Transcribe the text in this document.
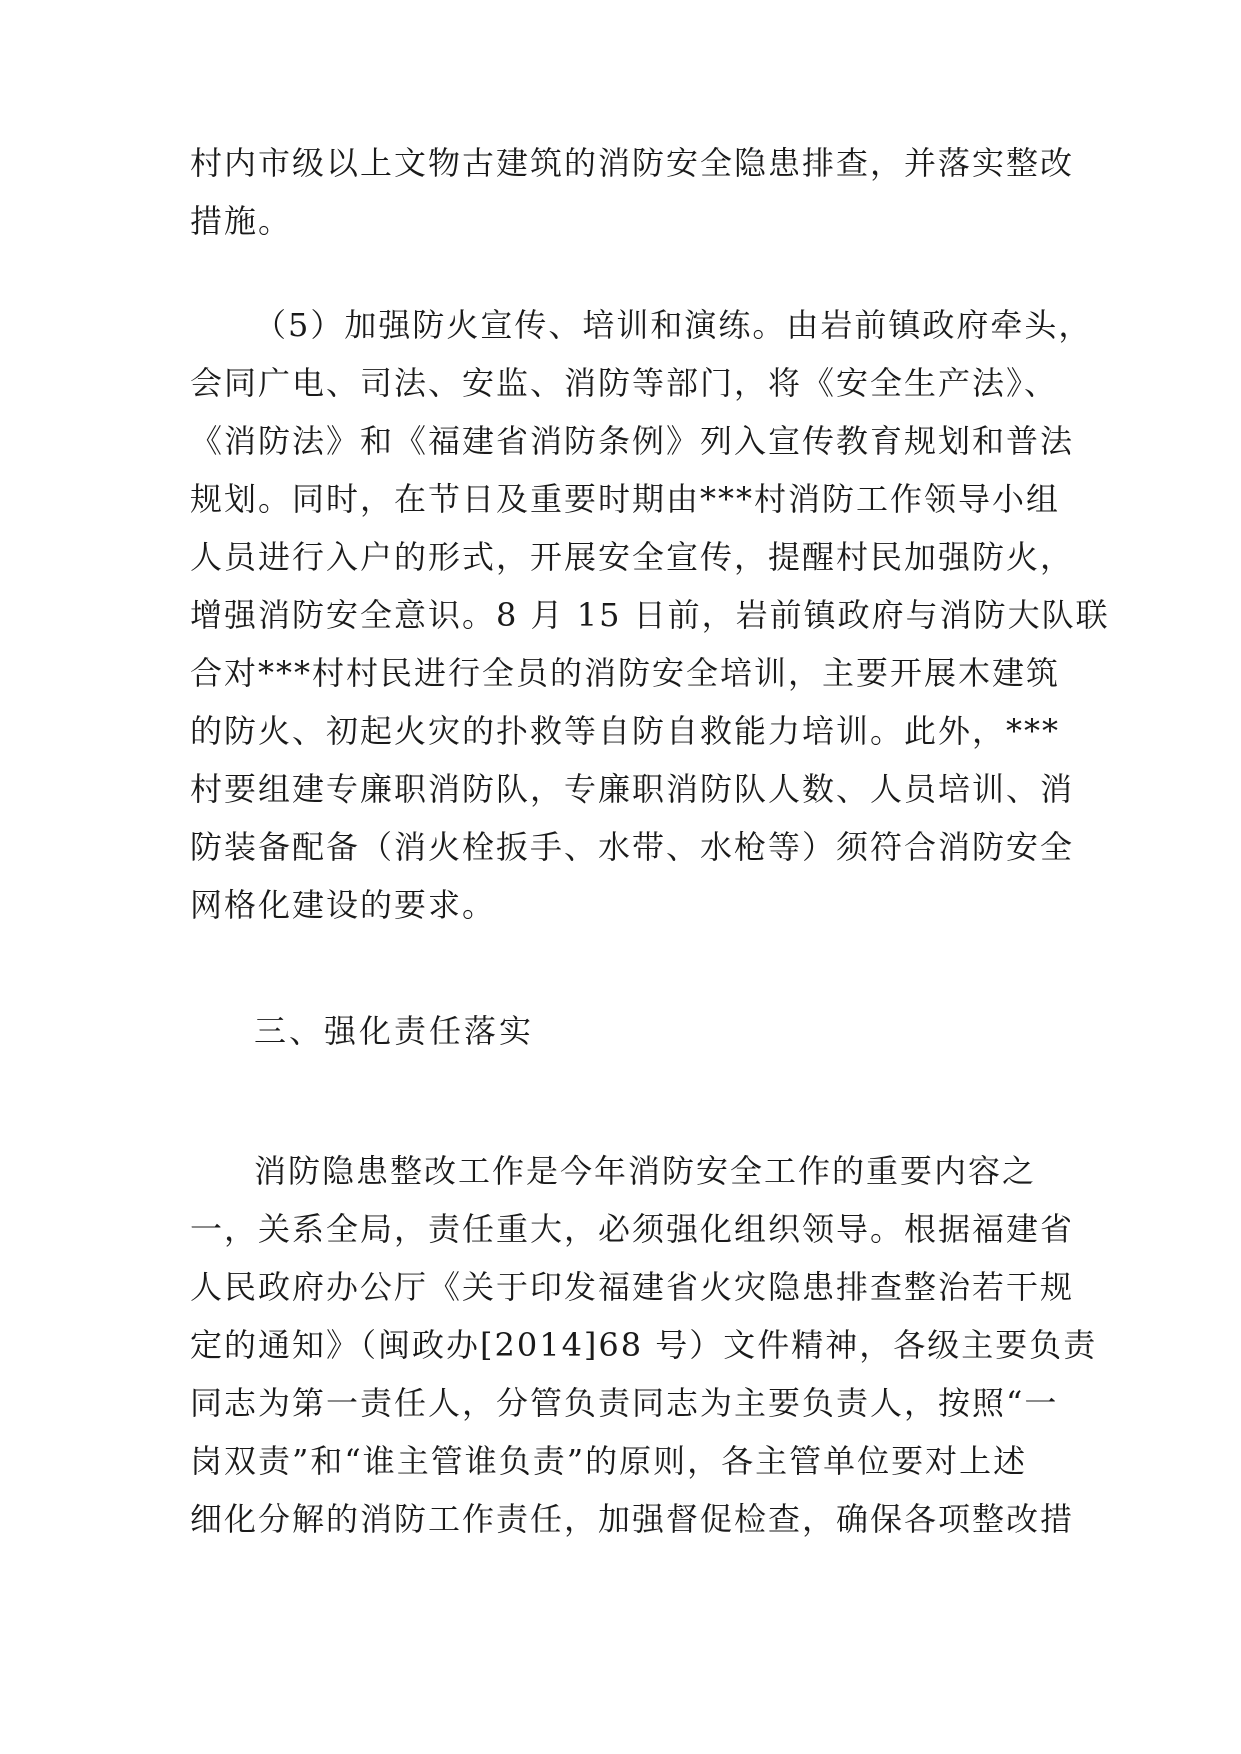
村内市级以上文物古建筑的消防安全隐患排查，并落实整改
措施。
（5）加强防火宣传、培训和演练。由岩前镇政府牵头，
会同广电、司法、安监、消防等部门，将《安全生产法》、
《消防法》和《福建省消防条例》列入宣传教育规划和普法
规划。同时，在节日及重要时期由***村消防工作领导小组
人员进行入户的形式，开展安全宣传，提醒村民加强防火，
增强消防安全意识。8 月 15 日前，岩前镇政府与消防大队联
合对***村村民进行全员的消防安全培训，主要开展木建筑
的防火、初起火灾的扑救等自防自救能力培训。此外，***
村要组建专廉职消防队，专廉职消防队人数、人员培训、消
防装备配备（消火栓扳手、水带、水枪等）须符合消防安全
网格化建设的要求。
三、强化责任落实
消防隐患整改工作是今年消防安全工作的重要内容之
一，关系全局，责任重大，必须强化组织领导。根据福建省
人民政府办公厅《关于印发福建省火灾隐患排查整治若干规
定的通知》（闽政办[2014]68 号）文件精神，各级主要负责
同志为第一责任人，分管负责同志为主要负责人，按照“一
岗双责”和“谁主管谁负责”的原则，各主管单位要对上述
细化分解的消防工作责任，加强督促检查，确保各项整改措
